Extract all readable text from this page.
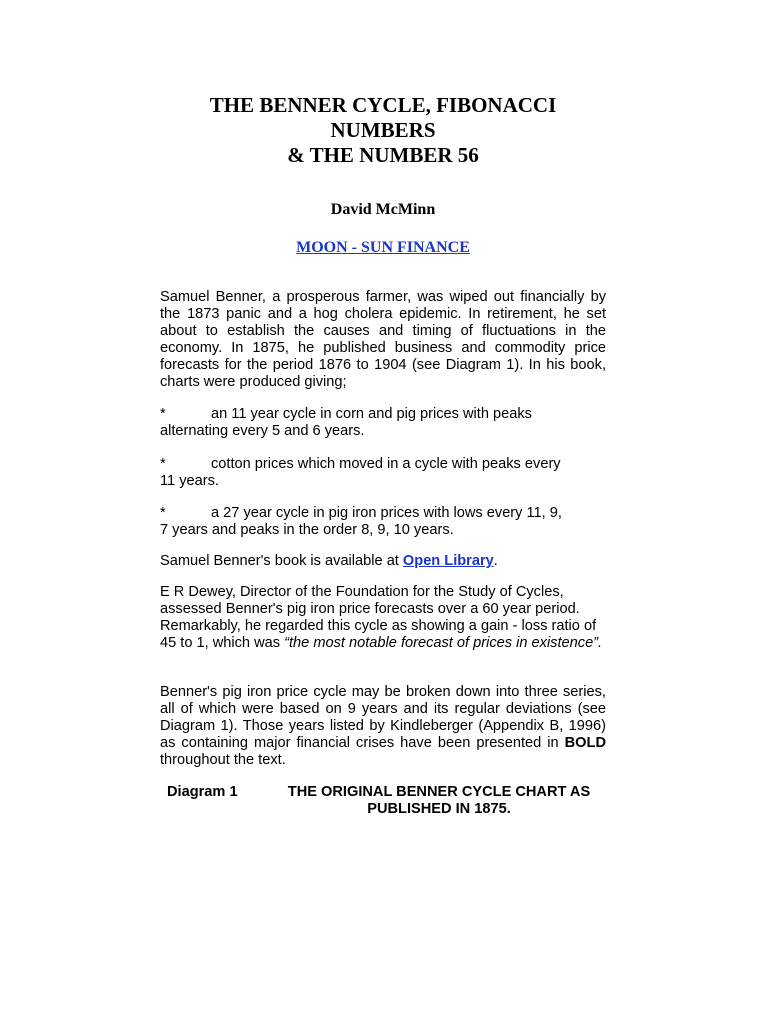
THE BENNER CYCLE, FIBONACCI
NUMBERS
& THE NUMBER 56
David McMinn
MOON - SUN FINANCE

Samuel Benner, a prosperous farmer, was wiped out financially by the 1873 panic and a hog cholera epidemic. In retirement, he set about to establish the causes and timing of fluctuations in the economy. In 1875, he published business and commodity price forecasts for the period 1876 to 1904 (see Diagram 1). In his book, charts were produced giving;

*	an 11 year cycle in corn and pig prices with peaks
alternating every 5 and 6 years.

*	cotton prices which moved in a cycle with peaks every
11 years.

*	a 27 year cycle in pig iron prices with lows every 11, 9,
7 years and peaks in the order 8, 9, 10 years.

Samuel Benner's book is available at Open Library.

E R Dewey, Director of the Foundation for the Study of Cycles, assessed Benner's pig iron price forecasts over a 60 year period. Remarkably, he regarded this cycle as showing a gain - loss ratio of 45 to 1, which was “the most notable forecast of prices in existence”.

Benner's pig iron price cycle may be broken down into three series, all of which were based on 9 years and its regular deviations (see Diagram 1). Those years listed by Kindleberger (Appendix B, 1996) as containing major financial crises have been presented in BOLD throughout the text.

Diagram 1	THE ORIGINAL BENNER CYCLE CHART AS
PUBLISHED IN 1875.
